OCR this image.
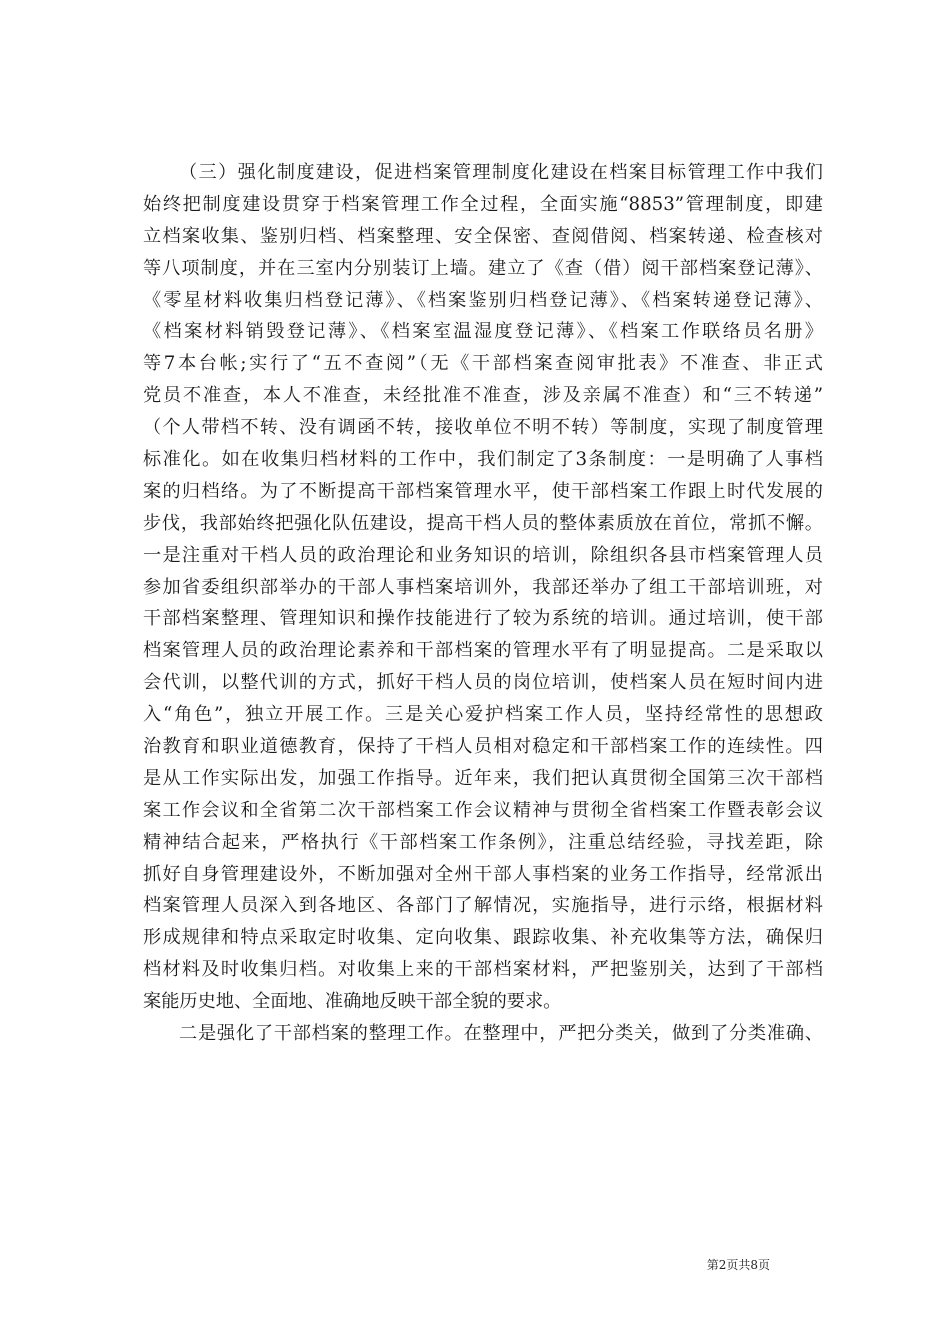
（三）强化制度建设，促进档案管理制度化建设在档案目标管理工作中我们
始终把制度建设贯穿于档案管理工作全过程，全面实施“8853”管理制度，即建
立档案收集、鉴别归档、档案整理、安全保密、查阅借阅、档案转递、检查核对
等八项制度，并在三室内分别装订上墙。建立了《查（借）阅干部档案登记薄》、
《零星材料收集归档登记薄》、《档案鉴别归档登记薄》、《档案转递登记薄》、
《档案材料销毁登记薄》、《档案室温湿度登记薄》、《档案工作联络员名册》
等7本台帐;实行了“五不查阅”（无《干部档案查阅审批表》不准查、非正式
党员不准查，本人不准查，未经批准不准查，涉及亲属不准查）和“三不转递”
（个人带档不转、没有调函不转，接收单位不明不转）等制度，实现了制度管理
标准化。如在收集归档材料的工作中，我们制定了3条制度：一是明确了人事档
案的归档络。为了不断提高干部档案管理水平，使干部档案工作跟上时代发展的
步伐，我部始终把强化队伍建设，提高干档人员的整体素质放在首位，常抓不懈。
一是注重对干档人员的政治理论和业务知识的培训，除组织各县市档案管理人员
参加省委组织部举办的干部人事档案培训外，我部还举办了组工干部培训班，对
干部档案整理、管理知识和操作技能进行了较为系统的培训。通过培训，使干部
档案管理人员的政治理论素养和干部档案的管理水平有了明显提高。二是采取以
会代训，以整代训的方式，抓好干档人员的岗位培训，使档案人员在短时间内进
入“角色”，独立开展工作。三是关心爱护档案工作人员，坚持经常性的思想政
治教育和职业道德教育，保持了干档人员相对稳定和干部档案工作的连续性。四
是从工作实际出发，加强工作指导。近年来，我们把认真贯彻全国第三次干部档
案工作会议和全省第二次干部档案工作会议精神与贯彻全省档案工作暨表彰会议
精神结合起来，严格执行《干部档案工作条例》，注重总结经验，寻找差距，除
抓好自身管理建设外，不断加强对全州干部人事档案的业务工作指导，经常派出
档案管理人员深入到各地区、各部门了解情况，实施指导，进行示络，根据材料
形成规律和特点采取定时收集、定向收集、跟踪收集、补充收集等方法，确保归
档材料及时收集归档。对收集上来的干部档案材料，严把鉴别关，达到了干部档
案能历史地、全面地、准确地反映干部全貌的要求。
二是强化了干部档案的整理工作。在整理中，严把分类关，做到了分类准确、
第2页共8页
